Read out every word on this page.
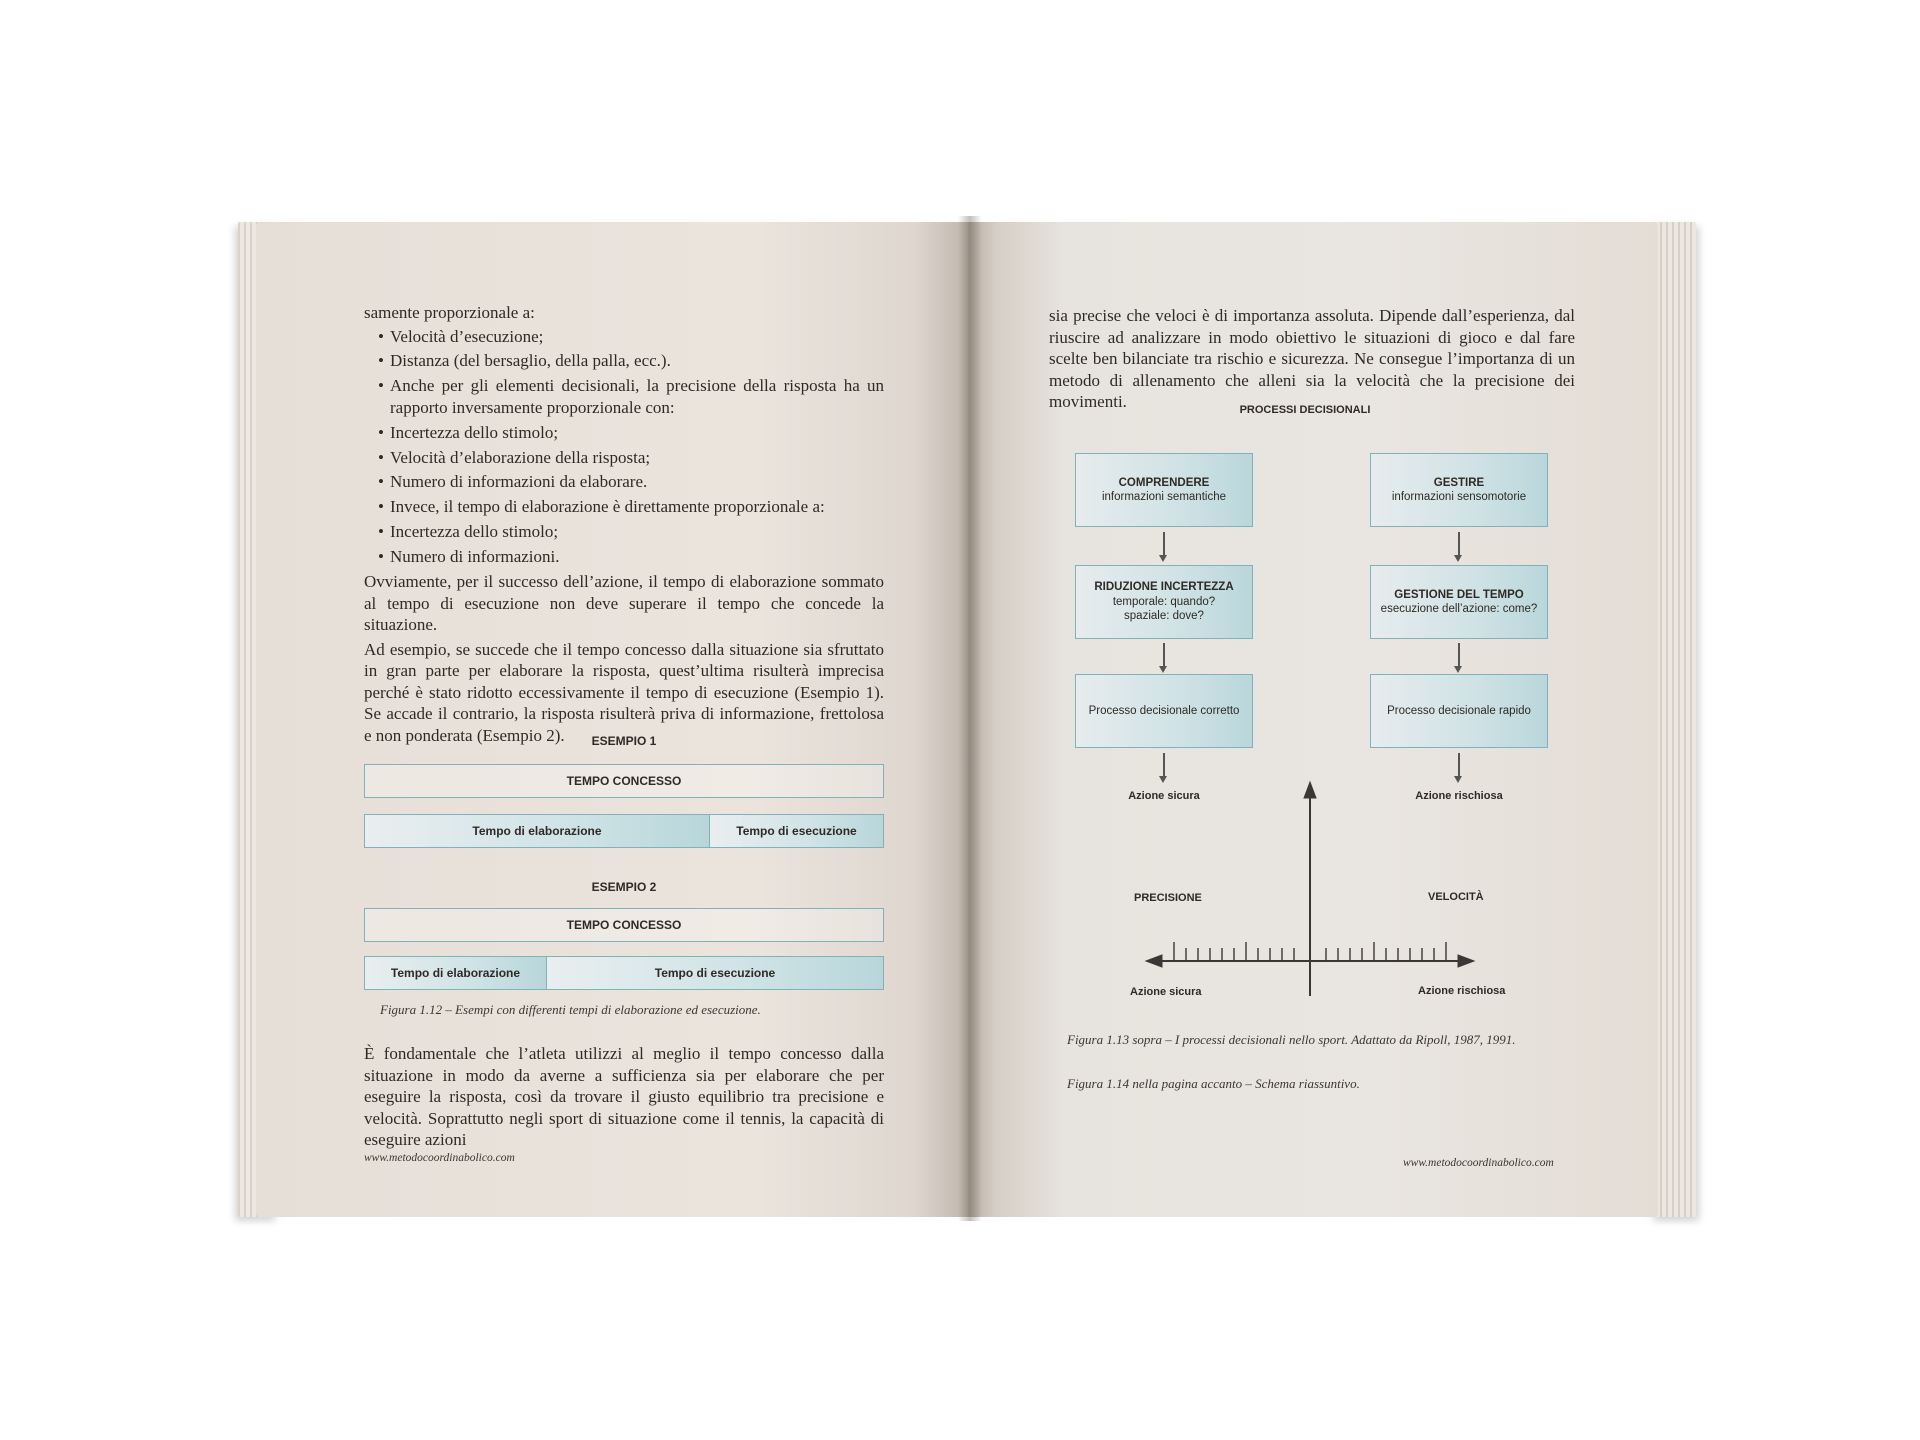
samente proporzionale a:

• Velocità d’esecuzione;
• Distanza (del bersaglio, della palla, ecc.).
• Anche per gli elementi decisionali, la precisione della risposta ha un rapporto inversamente proporzionale con:
• Incertezza dello stimolo;
• Velocità d’elaborazione della risposta;
• Numero di informazioni da elaborare.
• Invece, il tempo di elaborazione è direttamente proporzionale a:
• Incertezza dello stimolo;
• Numero di informazioni.

Ovviamente, per il successo dell’azione, il tempo di elaborazione sommato al tempo di esecuzione non deve superare il tempo che concede la situazione.

Ad esempio, se succede che il tempo concesso dalla situazione sia sfruttato in gran parte per elaborare la risposta, quest’ultima risulterà imprecisa perché è stato ridotto eccessivamente il tempo di esecuzione (Esempio 1). Se accade il contrario, la risposta risulterà priva di informazione, frettolosa e non ponderata (Esempio 2).	ESEMPIO 1
TEMPO CONCESSO
Tempo di elaborazione	Tempo di esecuzione
ESEMPIO 2
TEMPO CONCESSO
Tempo di elaborazione	Tempo di esecuzione
Figura 1.12 – Esempi con differenti tempi di elaborazione ed esecuzione.

È fondamentale che l’atleta utilizzi al meglio il tempo concesso dalla situazione in modo da averne a sufficienza sia per elaborare che per eseguire la risposta, così da trovare il giusto equilibrio tra precisione e velocità. Soprattutto negli sport di situazione come il tennis, la capacità di eseguire azioni

www.metodocoordinabolico.com

sia precise che veloci è di importanza assoluta. Dipende dall’esperienza, dal riuscire ad analizzare in modo obiettivo le situazioni di gioco e dal fare scelte ben bilanciate tra rischio e sicurezza. Ne consegue l’importanza di un metodo di allenamento che alleni sia la velocità che la precisione dei movimenti.	PROCESSI DECISIONALI
COMPRENDERE
informazioni semantiche
RIDUZIONE INCERTEZZA
temporale: quando?
spaziale: dove?
Processo decisionale corretto
Azione sicura
GESTIRE
informazioni sensomotorie
GESTIONE DEL TEMPO
esecuzione dell’azione: come?
Processo decisionale rapido
Azione rischiosa
PRECISIONE	VELOCITÀ
Azione sicura	Azione rischiosa
Figura 1.13 sopra – I processi decisionali nello sport. Adattato da Ripoll, 1987, 1991.
Figura 1.14 nella pagina accanto – Schema riassuntivo.
www.metodocoordinabolico.com
